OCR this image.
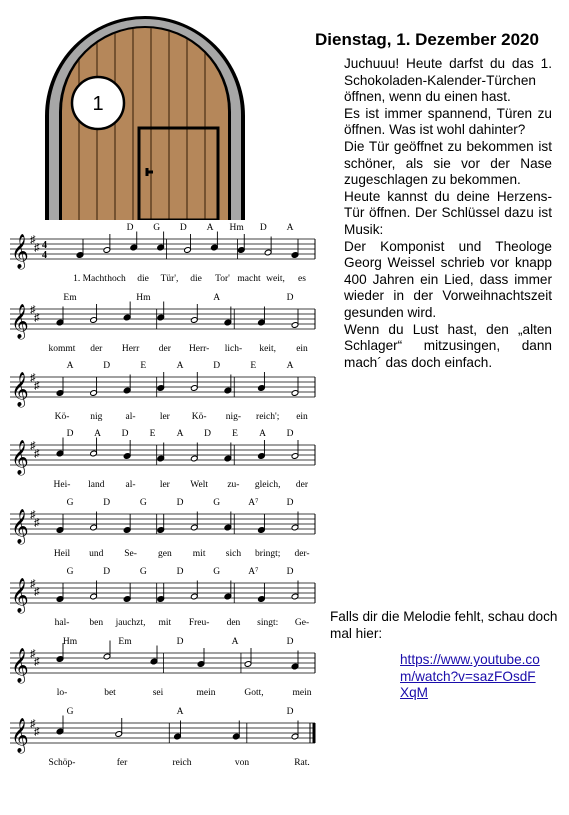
1
𝄞 ♯
♯ 4
4
D G D A Hm D A
1. Macht hoch die Tür', die Tor' macht weit, es
𝄞 ♯
♯
Em	Hm	A	D
kommt der Herr der Herr- lich- keit, ein
𝄞 ♯
♯
A	D	E	A	D	E	A
Kö- nig al-	ler Kö- nig- reich'; ein
𝄞 ♯
♯
D A D E A D E A D
Hei- land al-	ler Welt zu- gleich, der
𝄞 ♯
♯
G	D	G	D	G	A⁷	D
Heil und Se- gen mit sich bringt; der-
𝄞 ♯
♯
G	D	G	D	G	A⁷	D
hal- ben jauchzt, mit Freu- den singt: Ge-
𝄞 ♯
♯
Hm	Em	D	A	D
lo-	bet	sei	mein	Gott,	mein
𝄞 ♯
♯
G	A	D
Schöp-	fer	reich	von	Rat.
Dienstag, 1. Dezember 2020

Juchuuu! Heute darfst du das 1. Schokoladen-Kalender-Türchen öffnen, wenn du einen hast.

Es ist immer spannend, Türen zu öffnen. Was ist wohl dahinter?

Die Tür geöffnet zu bekommen ist schöner, als sie vor der Nase zugeschlagen zu bekommen.

Heute kannst du deine Herzens-Tür öffnen. Der Schlüssel dazu ist Musik:

Der Komponist und Theologe Georg Weissel schrieb vor knapp 400 Jahren ein Lied, dass immer wieder in der Vorweihnachtszeit gesunden wird.

Wenn du Lust hast, den „alten Schlager“ mitzusingen, dann mach´ das doch einfach.

Falls dir die Melodie fehlt, schau doch mal hier:
https://www.youtube.com/watch?v=sazFOsdFXqM
